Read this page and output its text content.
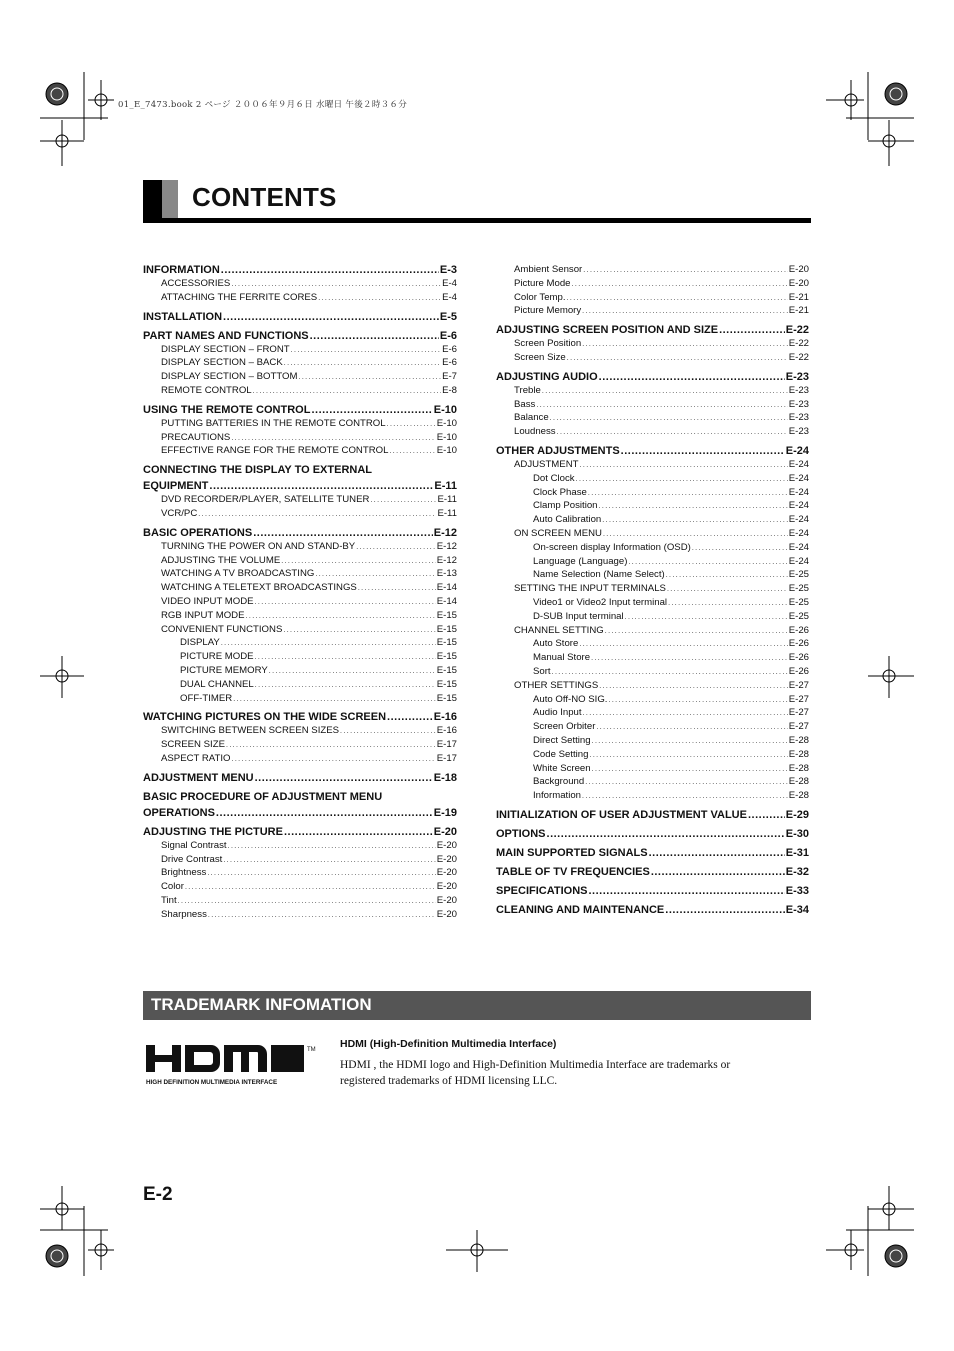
01_E_7473.book 2 ページ ２００６年９月６日 水曜日 午後２時３６分
CONTENTS
INFORMATION .....	E-3
ACCESSORIES .....	E-4
ATTACHING THE FERRITE CORES .....	E-4
INSTALLATION .....	E-5
PART NAMES AND FUNCTIONS .....	E-6
DISPLAY SECTION – FRONT .....	E-6
DISPLAY SECTION – BACK .....	E-6
DISPLAY SECTION – BOTTOM .....	E-7
REMOTE CONTROL .....	E-8
USING THE REMOTE CONTROL .....	E-10
PUTTING BATTERIES IN THE REMOTE CONTROL .....	E-10
PRECAUTIONS .....	E-10
EFFECTIVE RANGE FOR THE REMOTE CONTROL .....	E-10
CONNECTING THE DISPLAY TO EXTERNAL
EQUIPMENT .....	E-11
DVD RECORDER/PLAYER, SATELLITE TUNER .....	E-11
VCR/PC .....	E-11
BASIC OPERATIONS .....	E-12
TURNING THE POWER ON AND STAND-BY .....	E-12
ADJUSTING THE VOLUME .....	E-12
WATCHING A TV BROADCASTING .....	E-13
WATCHING A TELETEXT BROADCASTINGS .....	E-14
VIDEO INPUT MODE .....	E-14
RGB INPUT MODE .....	E-15
CONVENIENT FUNCTIONS .....	E-15
DISPLAY .....	E-15
PICTURE MODE .....	E-15
PICTURE MEMORY .....	E-15
DUAL CHANNEL .....	E-15
OFF-TIMER .....	E-15
WATCHING PICTURES ON THE WIDE SCREEN .....	E-16
SWITCHING BETWEEN SCREEN SIZES .....	E-16
SCREEN SIZE .....	E-17
ASPECT RATIO .....	E-17
ADJUSTMENT MENU .....	E-18
BASIC PROCEDURE OF ADJUSTMENT MENU
OPERATIONS .....	E-19
ADJUSTING THE PICTURE .....	E-20
Signal Contrast .....	E-20
Drive Contrast .....	E-20
Brightness .....	E-20
Color .....	E-20
Tint .....	E-20
Sharpness .....	E-20
Ambient Sensor .....	E-20
Picture Mode .....	E-20
Color Temp. .....	E-21
Picture Memory .....	E-21
ADJUSTING SCREEN POSITION AND SIZE .....	E-22
Screen Position .....	E-22
Screen Size .....	E-22
ADJUSTING AUDIO .....	E-23
Treble .....	E-23
Bass .....	E-23
Balance .....	E-23
Loudness .....	E-23
OTHER ADJUSTMENTS .....	E-24
ADJUSTMENT .....	E-24
Dot Clock .....	E-24
Clock Phase .....	E-24
Clamp Position .....	E-24
Auto Calibration .....	E-24
ON SCREEN MENU .....	E-24
On-screen display Information (OSD) .....	E-24
Language (Language) .....	E-24
Name Selection (Name Select) .....	E-25
SETTING THE INPUT TERMINALS .....	E-25
Video1 or Video2 Input terminal .....	E-25
D-SUB Input terminal .....	E-25
CHANNEL SETTING .....	E-26
Auto Store .....	E-26
Manual Store .....	E-26
Sort .....	E-26
OTHER SETTINGS .....	E-27
Auto Off-NO SIG. .....	E-27
Audio Input .....	E-27
Screen Orbiter .....	E-27
Direct Setting .....	E-28
Code Setting .....	E-28
White Screen .....	E-28
Background .....	E-28
Information .....	E-28
INITIALIZATION OF USER ADJUSTMENT VALUE .....	E-29
OPTIONS .....	E-30
MAIN SUPPORTED SIGNALS .....	E-31
TABLE OF TV FREQUENCIES .....	E-32
SPECIFICATIONS .....	E-33
CLEANING AND MAINTENANCE .....	E-34
TRADEMARK INFOMATION
TM
HIGH DEFINITION MULTIMEDIA INTERFACE
HDMI (High-Definition Multimedia Interface)
HDMI , the HDMI logo and High-Definition Multimedia Interface are trademarks or registered trademarks of HDMI licensing LLC.
E-2
